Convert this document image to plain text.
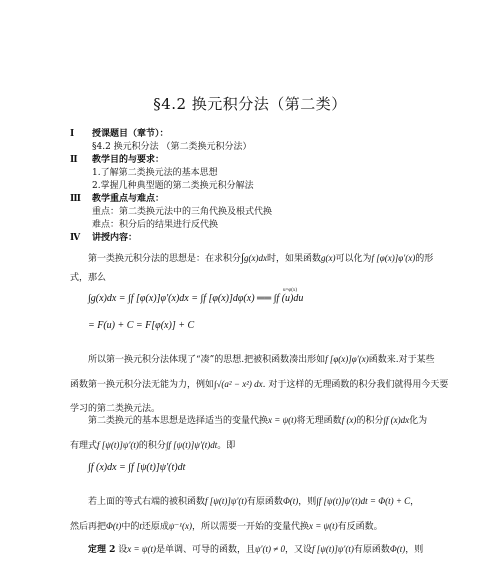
§4.2 换元积分法（第二类）
Ⅰ	授课题目（章节）：
§4.2 换元积分法 （第二类换元积分法）
Ⅱ	教学目的与要求：
1.了解第二类换元法的基本思想
2.掌握几种典型题的第二类换元积分解法
Ⅲ	教学重点与难点：
重点：第二类换元法中的三角代换及根式代换
难点：积分后的结果进行反代换
Ⅳ	讲授内容：
第一类换元积分法的思想是：在求积分∫g(x)dx时，如果函数g(x)可以化为f [φ(x)]φ′(x)的形
式，那么
∫g(x)dx = ∫f [φ(x)]φ′(x)dx = ∫f [φ(x)]dφ(x) ══ ∫f (u)du
u=φ(x)
= F(u) + C = F[φ(x)] + C
所以第一换元积分法体现了“凑”的思想.把被积函数凑出形如f [φ(x)]φ′(x)函数来.对于某些
函数第一换元积分法无能为力，例如∫√(a² − x²) dx. 对于这样的无理函数的积分我们就得用今天要
学习的第二类换元法。
第二类换元的基本思想是选择适当的变量代换x = ψ(t)将无理函数f (x)的积分∫f (x)dx化为
有理式f [ψ(t)]ψ′(t)的积分∫f [ψ(t)]ψ′(t)dt。即
∫f (x)dx = ∫f [ψ(t)]ψ′(t)dt
若上面的等式右端的被积函数f [ψ(t)]ψ′(t)有原函数Φ(t)，则∫f [ψ(t)]ψ′(t)dt = Φ(t) + C，
然后再把Φ(t)中的t还原成ψ⁻¹(x)，所以需要一开始的变量代换x = ψ(t)有反函数。
定理 2 设x = ψ(t)是单调、可导的函数，且ψ′(t) ≠ 0，又设f [ψ(t)]ψ′(t)有原函数Φ(t)，则
